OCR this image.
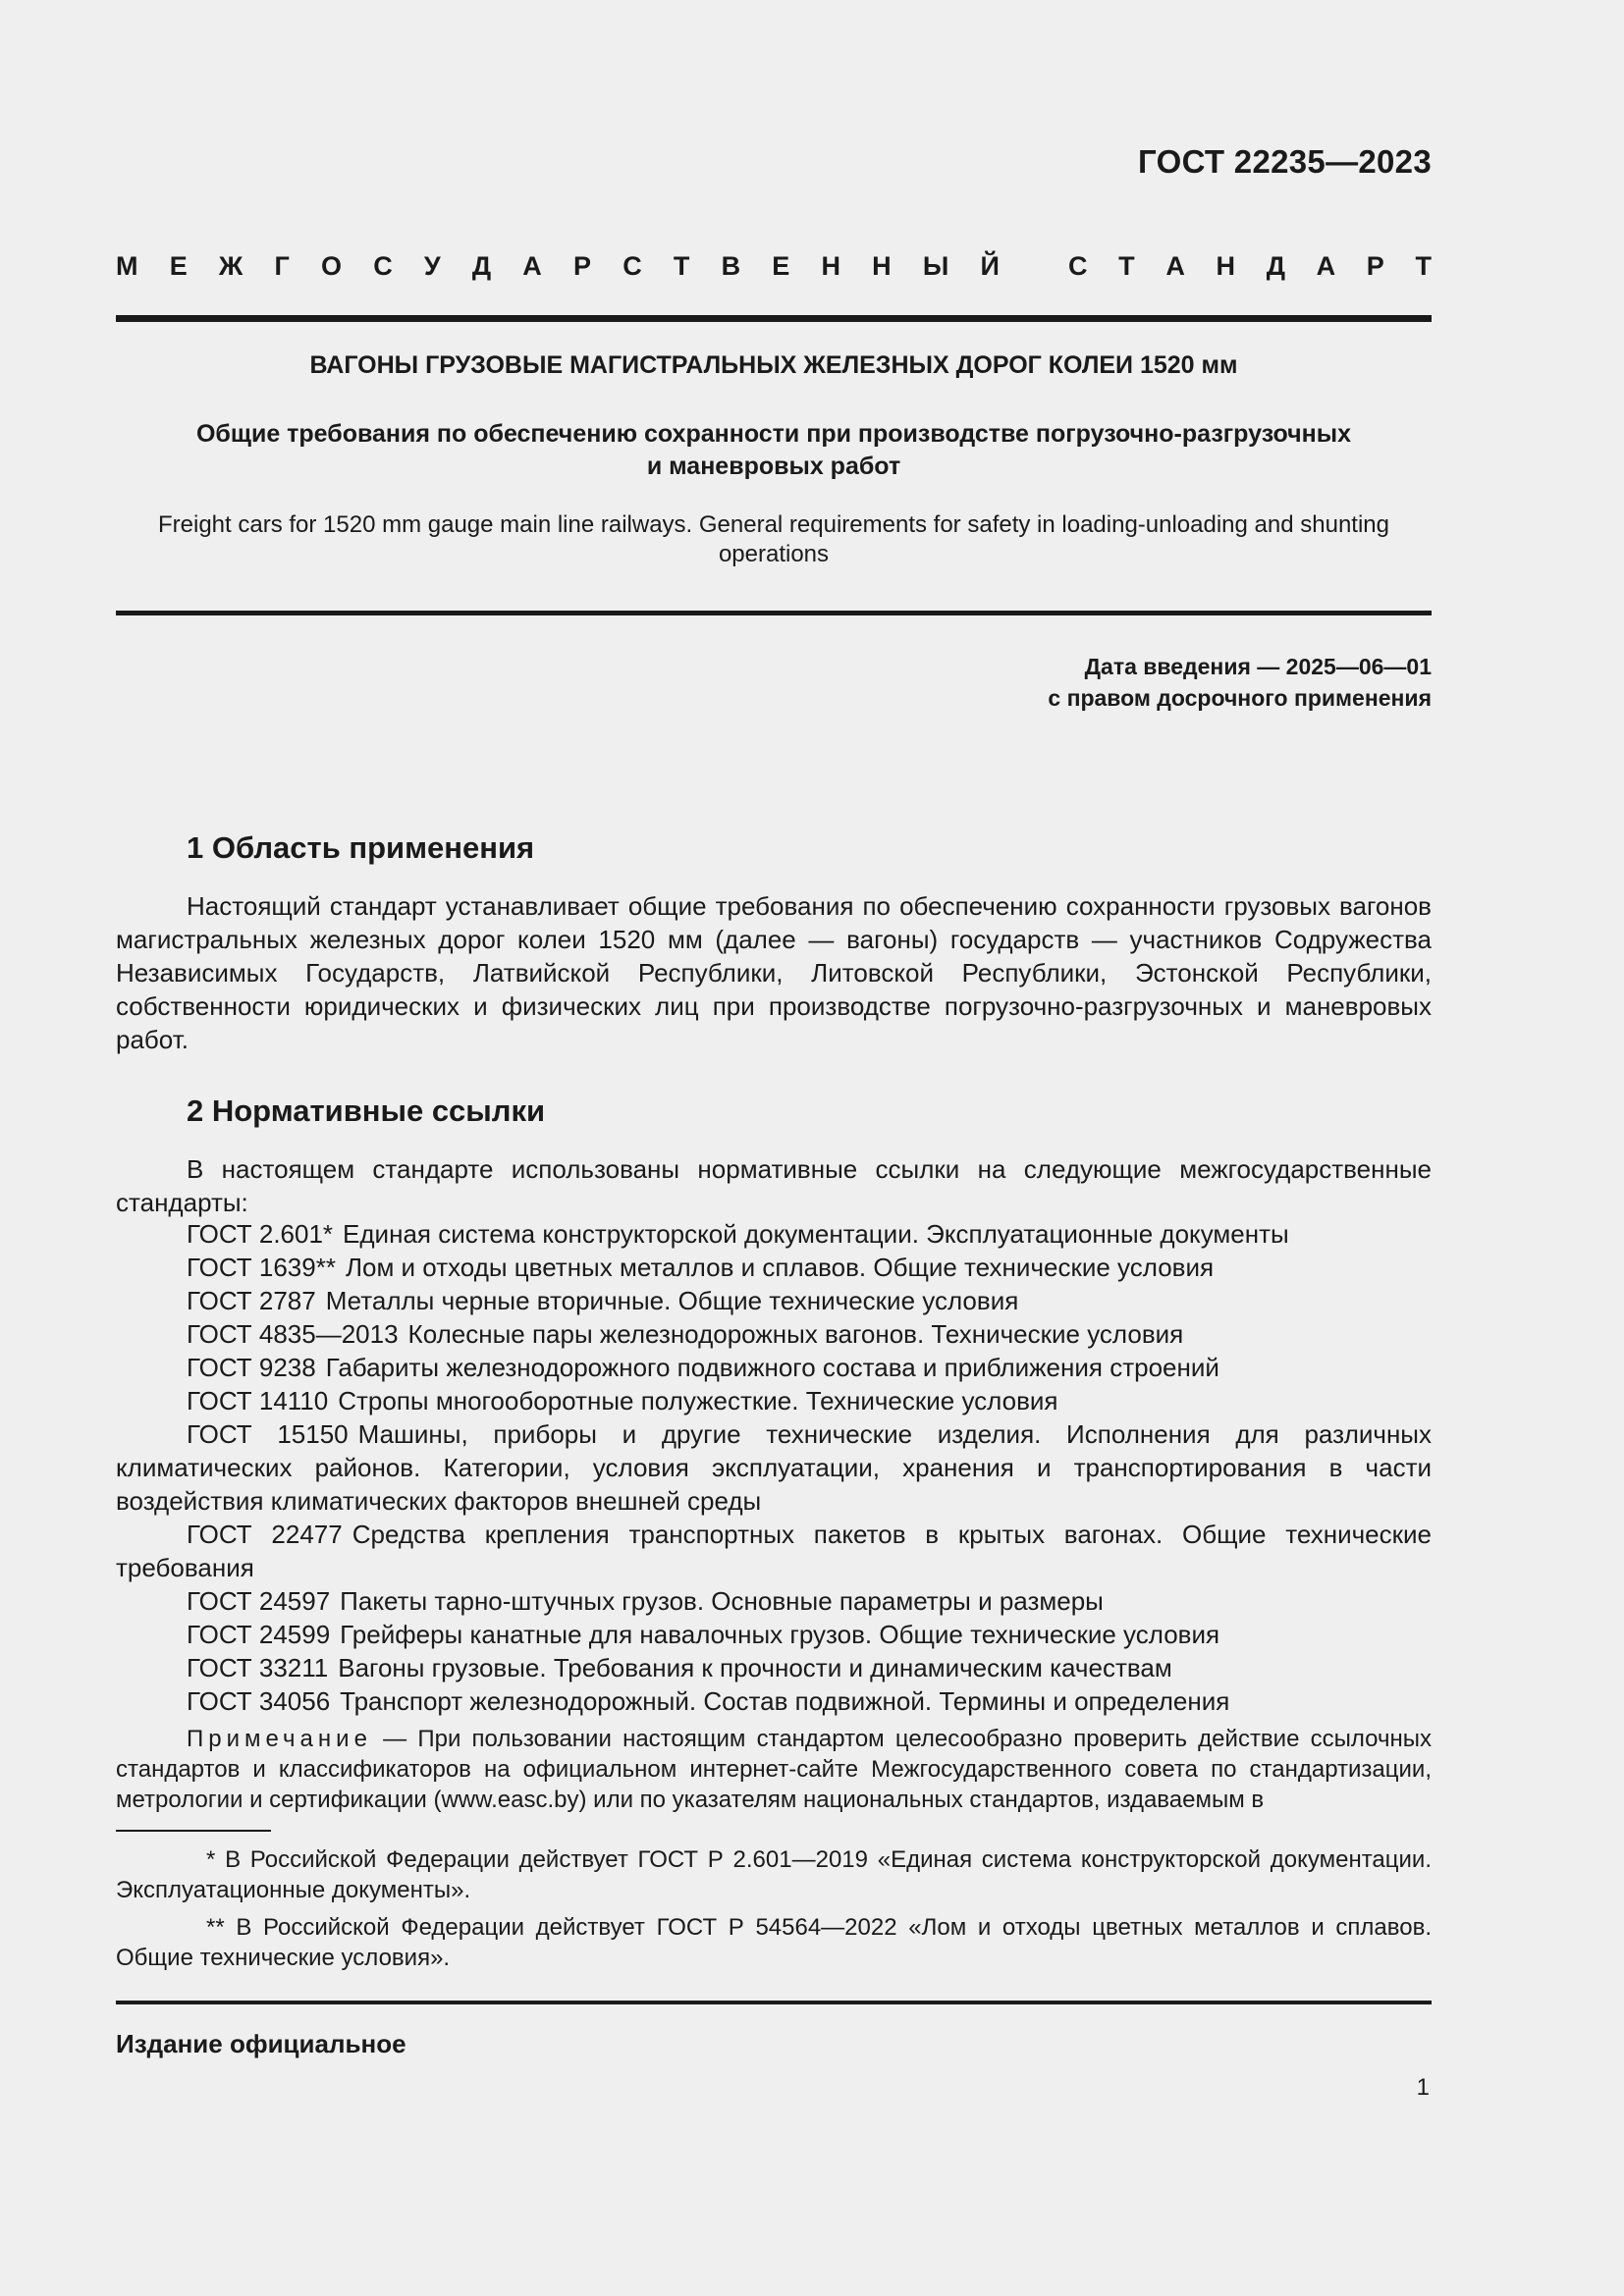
ГОСТ 22235—2023
М Е Ж Г О С У Д А Р С Т В Е Н Н Ы Й	С Т А Н Д А Р Т
ВАГОНЫ ГРУЗОВЫЕ МАГИСТРАЛЬНЫХ ЖЕЛЕЗНЫХ ДОРОГ КОЛЕИ 1520 мм
Общие требования по обеспечению сохранности при производстве погрузочно-разгрузочных
и маневровых работ
Freight cars for 1520 mm gauge main line railways. General requirements for safety in loading-unloading and shunting
operations
Дата введения — 2025—06—01
с правом досрочного применения
1 Область применения

Настоящий стандарт устанавливает общие требования по обеспечению сохранности грузовых вагонов магистральных железных дорог колеи 1520 мм (далее — вагоны) государств — участников Содружества Независимых Государств, Латвийской Республики, Литовской Республики, Эстонской Республики, собственности юридических и физических лиц при производстве погрузочно-разгрузочных и маневровых работ.

2 Нормативные ссылки

В настоящем стандарте использованы нормативные ссылки на следующие межгосударственные стандарты:

ГОСТ 2.601* Единая система конструкторской документации. Эксплуатационные документы
ГОСТ 1639** Лом и отходы цветных металлов и сплавов. Общие технические условия
ГОСТ 2787 Металлы черные вторичные. Общие технические условия
ГОСТ 4835—2013 Колесные пары железнодорожных вагонов. Технические условия
ГОСТ 9238 Габариты железнодорожного подвижного состава и приближения строений
ГОСТ 14110 Стропы многооборотные полужесткие. Технические условия
ГОСТ 15150 Машины, приборы и другие технические изделия. Исполнения для различных климатических районов. Категории, условия эксплуатации, хранения и транспортирования в части воздействия климатических факторов внешней среды
ГОСТ 22477 Средства крепления транспортных пакетов в крытых вагонах. Общие технические требования
ГОСТ 24597 Пакеты тарно-штучных грузов. Основные параметры и размеры
ГОСТ 24599 Грейферы канатные для навалочных грузов. Общие технические условия
ГОСТ 33211 Вагоны грузовые. Требования к прочности и динамическим качествам
ГОСТ 34056 Транспорт железнодорожный. Состав подвижной. Термины и определения

Примечание — При пользовании настоящим стандартом целесообразно проверить действие ссылочных стандартов и классификаторов на официальном интернет-сайте Межгосударственного совета по стандартизации, метрологии и сертификации (www.easc.by) или по указателям национальных стандартов, издаваемым в

* В Российской Федерации действует ГОСТ Р 2.601—2019 «Единая система конструкторской документации. Эксплуатационные документы».

** В Российской Федерации действует ГОСТ Р 54564—2022 «Лом и отходы цветных металлов и сплавов. Общие технические условия».

Издание официальное
1
